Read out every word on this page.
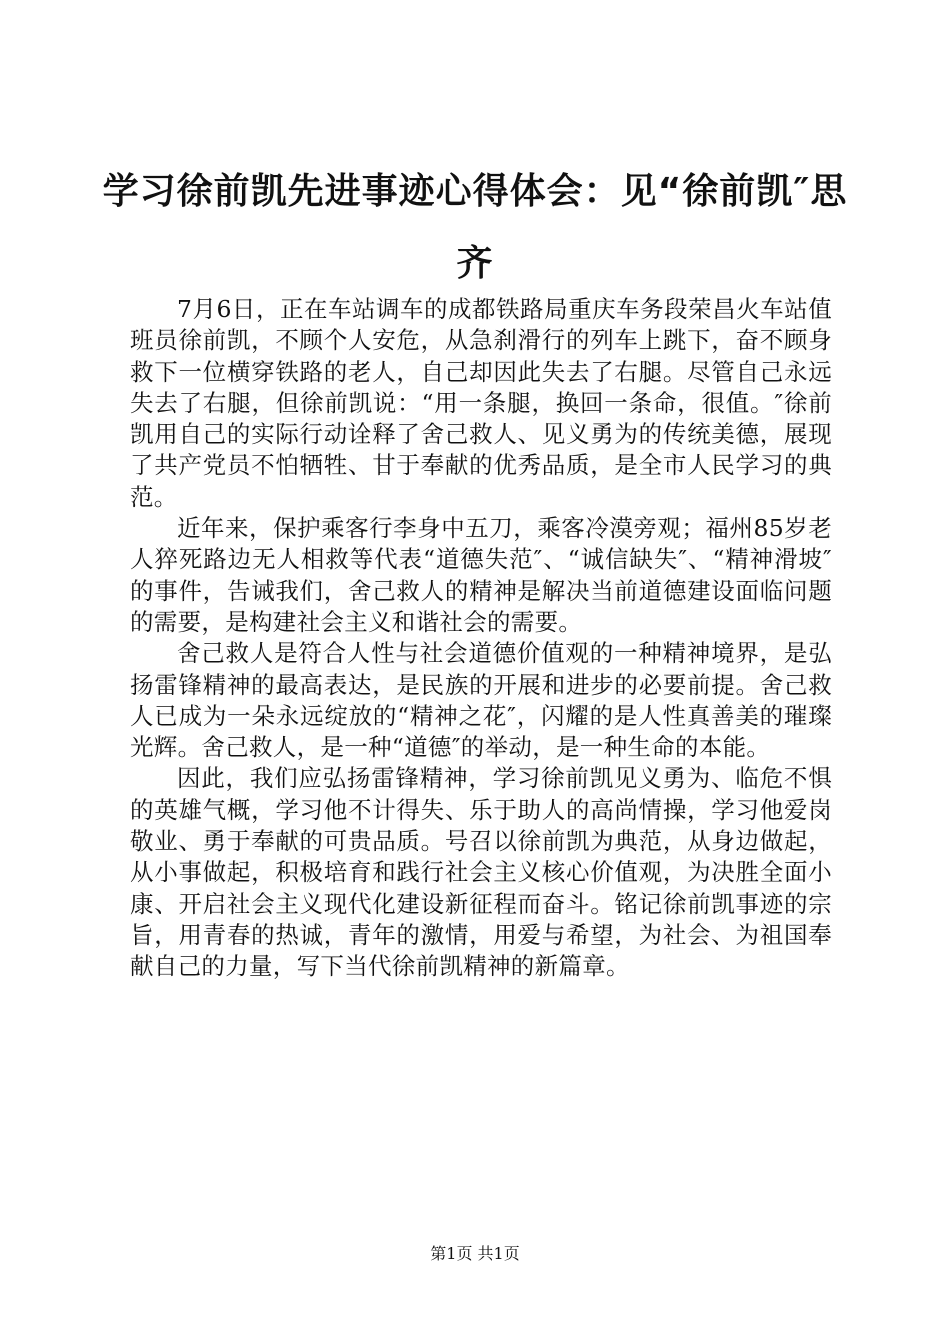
学习徐前凯先进事迹心得体会：见“徐前凯″思齐

7月6日，正在车站调车的成都铁路局重庆车务段荣昌火车站值班员徐前凯，不顾个人安危，从急刹滑行的列车上跳下，奋不顾身救下一位横穿铁路的老人，自己却因此失去了右腿。尽管自己永远失去了右腿，但徐前凯说：“用一条腿，换回一条命，很值。″徐前凯用自己的实际行动诠释了舍己救人、见义勇为的传统美德，展现了共产党员不怕牺牲、甘于奉献的优秀品质，是全市人民学习的典范。

近年来，保护乘客行李身中五刀，乘客冷漠旁观；福州85岁老人猝死路边无人相救等代表“道德失范″、“诚信缺失″、“精神滑坡″的事件，告诫我们，舍己救人的精神是解决当前道德建设面临问题的需要，是构建社会主义和谐社会的需要。

舍己救人是符合人性与社会道德价值观的一种精神境界，是弘扬雷锋精神的最高表达，是民族的开展和进步的必要前提。舍己救人已成为一朵永远绽放的“精神之花″，闪耀的是人性真善美的璀璨光辉。舍己救人，是一种“道德″的举动，是一种生命的本能。

因此，我们应弘扬雷锋精神，学习徐前凯见义勇为、临危不惧的英雄气概，学习他不计得失、乐于助人的高尚情操，学习他爱岗敬业、勇于奉献的可贵品质。号召以徐前凯为典范，从身边做起，从小事做起，积极培育和践行社会主义核心价值观，为决胜全面小康、开启社会主义现代化建设新征程而奋斗。铭记徐前凯事迹的宗旨，用青春的热诚，青年的激情，用爱与希望，为社会、为祖国奉献自己的力量，写下当代徐前凯精神的新篇章。

第1页 共1页
